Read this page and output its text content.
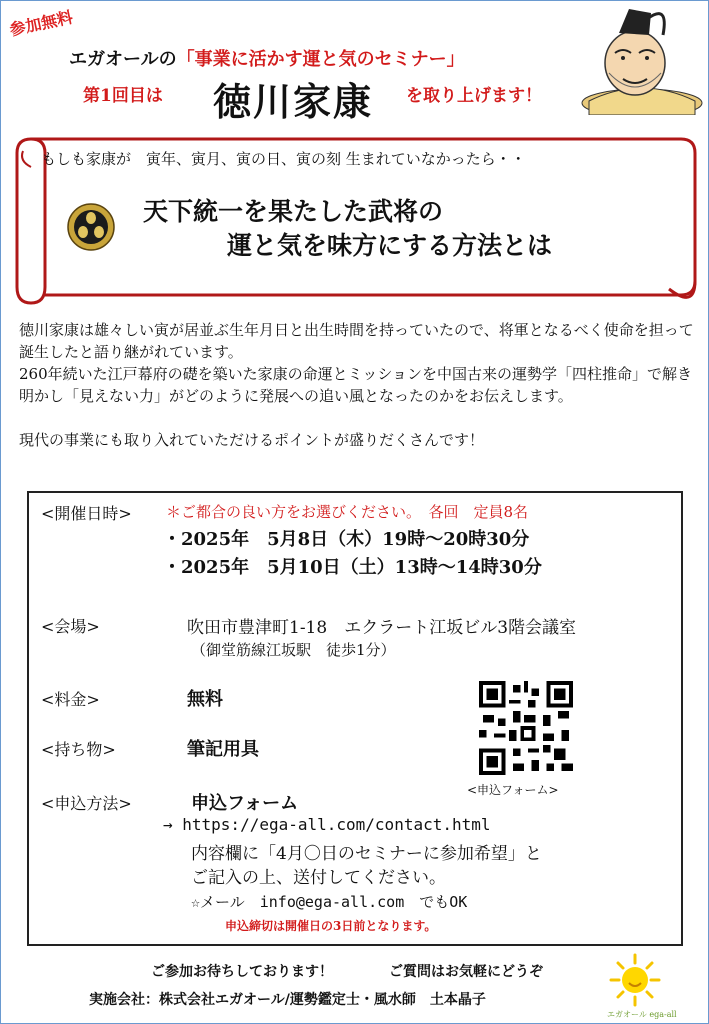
参加無料
エガオールの「事業に活かす運と気のセミナー」
第1回目は 徳川家康 を取り上げます！
もしも家康が　寅年、寅月、寅の日、寅の刻 生まれていなかったら・・
天下統一を果たした武将の
運と気を味方にする方法とは
徳川家康は雄々しい寅が居並ぶ生年月日と出生時間を持っていたので、将軍となるべく使命を担って誕生したと語り継がれています。
260年続いた江戸幕府の礎を築いた家康の命運とミッションを中国古来の運勢学「四柱推命」で解き明かし「見えない力」がどのように発展への追い風となったのかをお伝えします。
現代の事業にも取り入れていただけるポイントが盛りだくさんです！
<開催日時> ＊ご都合の良い方をお選びください。　各回　定員8名
・2025年　5月8日（木）19時～20時30分
・2025年　5月10日（土）13時～14時30分
<会場>	吹田市豊津町1-18　エクラート江坂ビル3階会議室
（御堂筋線江坂駅　徒歩1分）
<料金>	無料
<持ち物>	筆記用具
<申込フォーム>
<申込方法>	申込フォーム
→ https://ega-all.com/contact.html
内容欄に「4月〇日のセミナーに参加希望」と
ご記入の上、送付してください。
☆メール　info@ega-all.com　でもOK
申込締切は開催日の3日前となります。
ご参加お待ちしております！	ご質問はお気軽にどうぞ
実施会社：株式会社エガオール/運勢鑑定士・風水師　土本晶子
エガオール ega-all
